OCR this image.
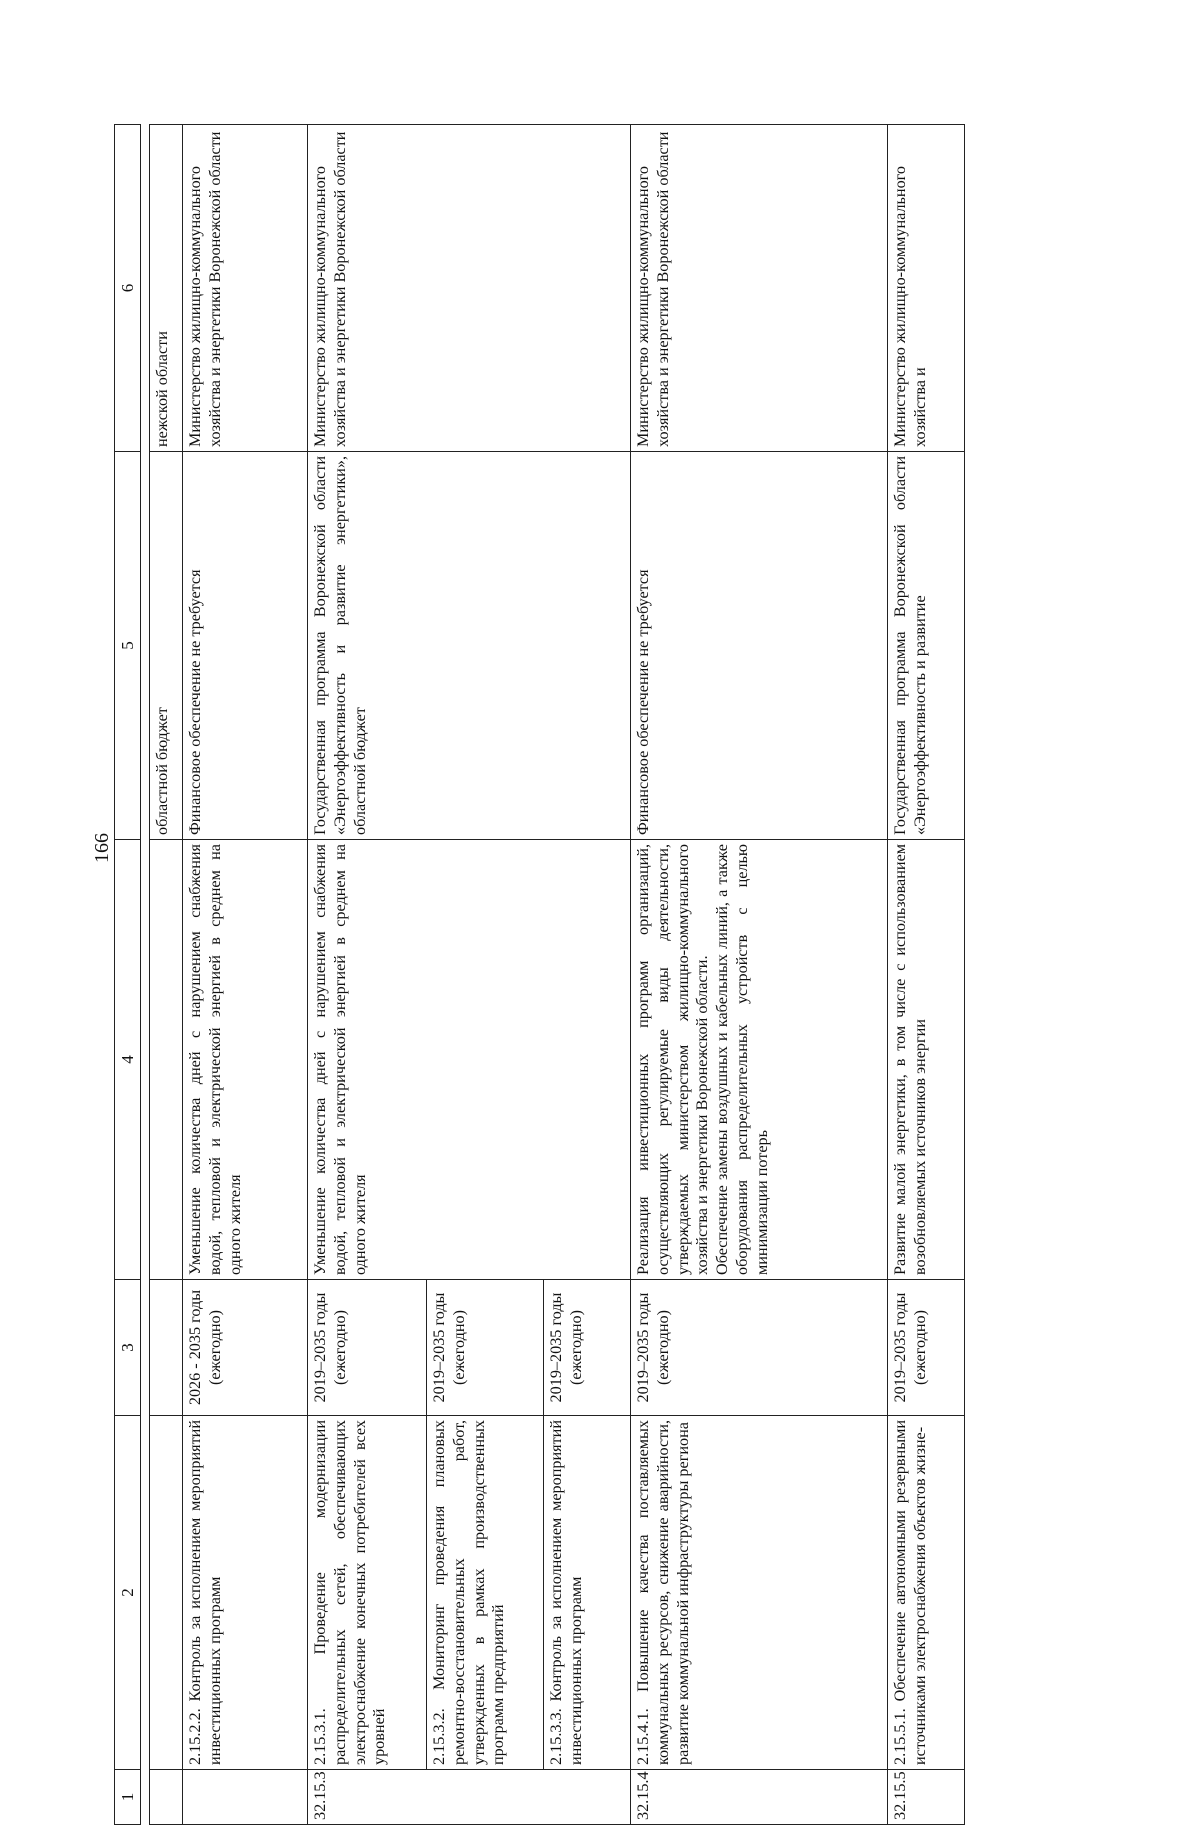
166
1	2	3	4	5	6
				областной бюджет	нежской области
	2.15.2.2. Контроль за исполнением мероприятий инвестиционных программ	2026 - 2035 годы (ежегодно)	Уменьшение количества дней с нарушением снабжения водой, тепловой и электрической энергией в среднем на одного жителя	Финансовое обеспечение не требуется	Министерство жилищно-коммунального хозяйства и энергетики Воронежской области
32.15.3	2.15.3.1. Проведение модернизации распределительных сетей, обеспечивающих электроснабжение конечных потребителей всех уровней	2019–2035 годы (ежегодно)	Уменьшение количества дней с нарушением снабжения водой, тепловой и электрической энергией в среднем на одного жителя	Государственная программа Воронежской области «Энергоэффективность и развитие энергетики», областной бюджет	Министерство жилищно-коммунального хозяйства и энергетики Воронежской области
	2.15.3.2. Мониторинг проведения плановых ремонтно-восстановительных работ, утвержденных в рамках производственных программ предприятий	2019–2035 годы (ежегодно)			
	2.15.3.3. Контроль за исполнением мероприятий инвестиционных программ	2019–2035 годы (ежегодно)			
32.15.4	2.15.4.1. Повышение качества поставляемых коммунальных ресурсов, снижение аварийности, развитие коммунальной инфраструктуры региона	2019–2035 годы (ежегодно)	Реализация инвестиционных программ организаций, осуществляющих регулируемые виды деятельности, утверждаемых министерством жилищно-коммунального хозяйства и энергетики Воронежской области. Обеспечение замены воздушных и кабельных линий, а также оборудования распределительных устройств с целью минимизации потерь	Финансовое обеспечение не требуется	Министерство жилищно-коммунального хозяйства и энергетики Воронежской области
32.15.5	2.15.5.1. Обеспечение автономными резервными источниками электроснабжения объектов жизне-	2019–2035 годы (ежегодно)	Развитие малой энергетики, в том числе с использованием возобновляемых источников энергии	Государственная программа Воронежской области «Энергоэффективность и развитие	Министерство жилищно-коммунального хозяйства и
